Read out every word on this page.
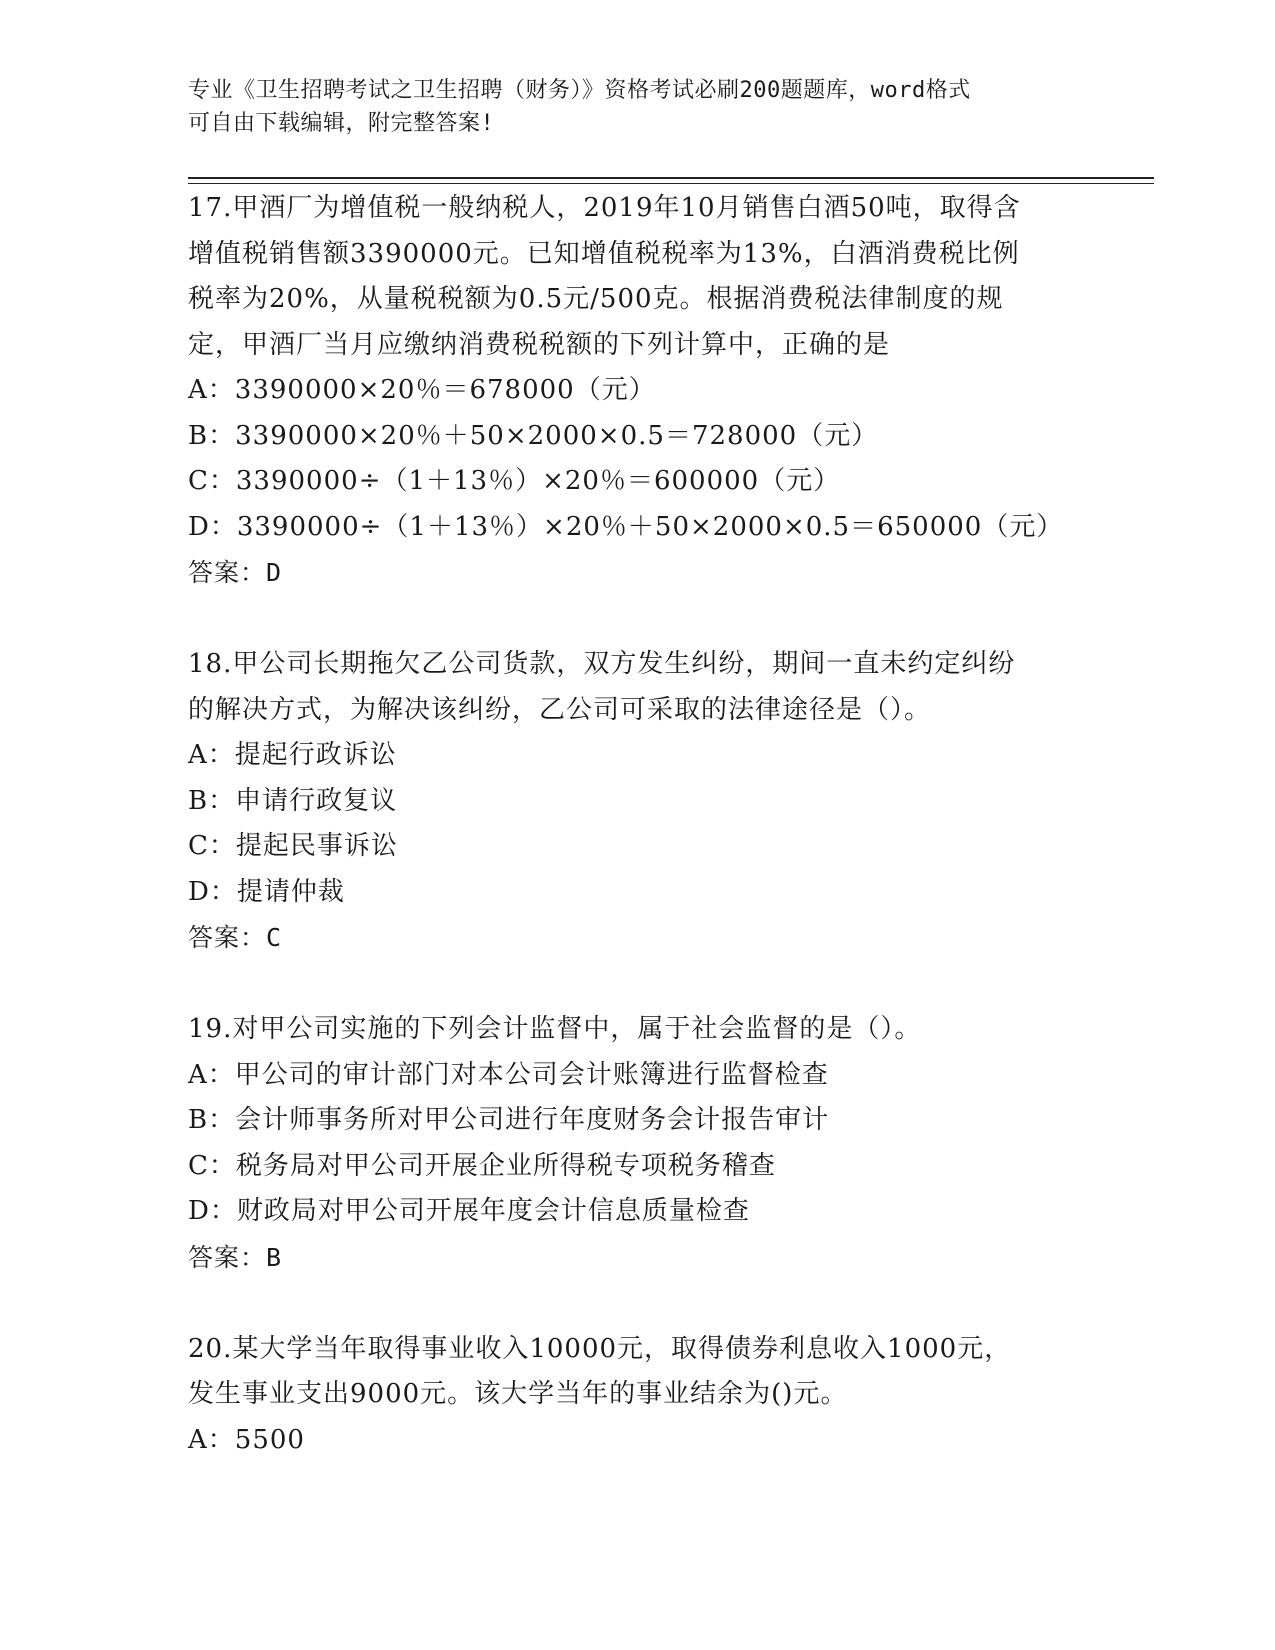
专业《卫生招聘考试之卫生招聘（财务）》资格考试必刷200题题库，word格式
可自由下载编辑，附完整答案!
17.甲酒厂为增值税一般纳税人，2019年10月销售白酒50吨，取得含
增值税销售额3390000元。已知增值税税率为13%，白酒消费税比例
税率为20%，从量税税额为0.5元/500克。根据消费税法律制度的规
定，甲酒厂当月应缴纳消费税税额的下列计算中，正确的是
A：3390000×20％＝678000（元）
B：3390000×20％＋50×2000×0.5＝728000（元）
C：3390000÷（1＋13％）×20％＝600000（元）
D：3390000÷（1＋13％）×20％＋50×2000×0.5＝650000（元）
答案：D
18.甲公司长期拖欠乙公司货款，双方发生纠纷，期间一直未约定纠纷
的解决方式，为解决该纠纷，乙公司可采取的法律途径是（）。
A：提起行政诉讼
B：申请行政复议
C：提起民事诉讼
D：提请仲裁
答案：C
19.对甲公司实施的下列会计监督中，属于社会监督的是（）。
A：甲公司的审计部门对本公司会计账簿进行监督检查
B：会计师事务所对甲公司进行年度财务会计报告审计
C：税务局对甲公司开展企业所得税专项税务稽查
D：财政局对甲公司开展年度会计信息质量检查
答案：B
20.某大学当年取得事业收入10000元，取得债券利息收入1000元，
发生事业支出9000元。该大学当年的事业结余为()元。
A：5500
